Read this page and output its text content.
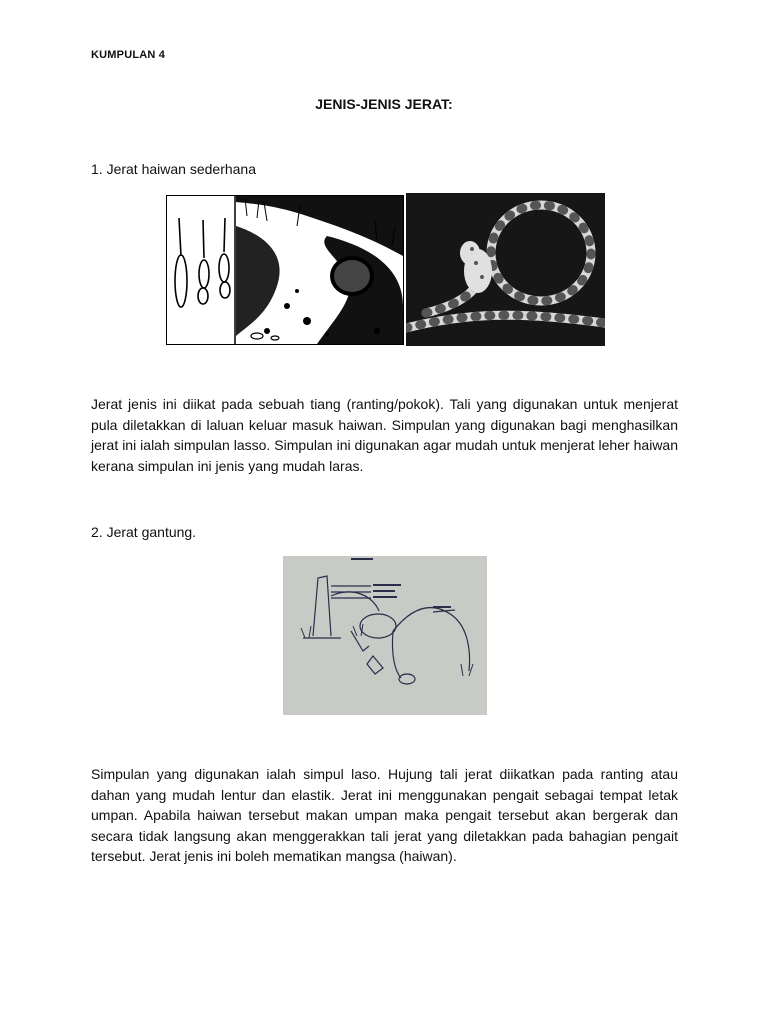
KUMPULAN 4
JENIS-JENIS JERAT:
1. Jerat haiwan sederhana

Jerat jenis ini diikat pada sebuah tiang (ranting/pokok). Tali yang digunakan untuk menjerat pula diletakkan di laluan keluar masuk haiwan. Simpulan yang digunakan bagi menghasilkan jerat ini ialah simpulan lasso. Simpulan ini digunakan agar mudah untuk menjerat leher haiwan kerana simpulan ini jenis yang mudah laras.

2. Jerat gantung.

Simpulan yang digunakan ialah simpul laso. Hujung tali jerat diikatkan pada ranting atau dahan yang mudah lentur dan elastik. Jerat ini menggunakan pengait sebagai tempat letak umpan. Apabila haiwan tersebut makan umpan maka pengait tersebut akan bergerak dan secara tidak langsung akan menggerakkan tali jerat yang diletakkan pada bahagian pengait tersebut. Jerat jenis ini boleh mematikan mangsa (haiwan).
